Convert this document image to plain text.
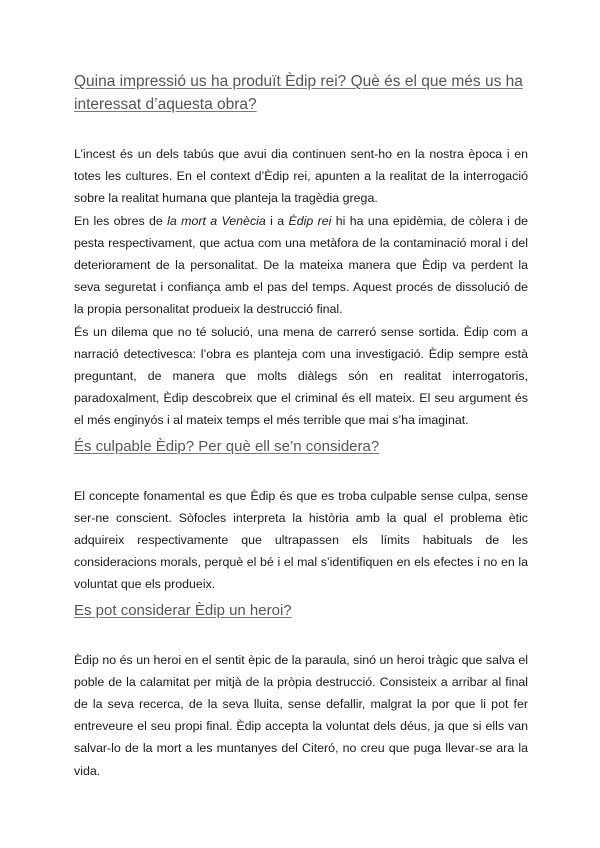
Quina impressió us ha produït Èdip rei? Què és el que més us ha interessat d’aquesta obra?

L’incest és un dels tabús que avui dia continuen sent-ho en la nostra època i en totes les cultures. En el context d’Èdip rei, apunten a la realitat de la interrogació sobre la realitat humana que planteja la tragèdia grega.

En les obres de la mort a Venècia i a Èdip rei hi ha una epidèmia, de còlera i de pesta respectivament, que actua com una metàfora de la contaminació moral i del deteriorament de la personalitat. De la mateixa manera que Èdip va perdent la seva seguretat i confiança amb el pas del temps. Aquest procés de dissolució de la propia personalitat produeix la destrucció final.

És un dilema que no té solució, una mena de carreró sense sortida. Èdip com a narració detectivesca: l’obra es planteja com una investigació. Èdip sempre està preguntant, de manera que molts diàlegs són en realitat interrogatoris, paradoxalment, Èdip descobreix que el criminal és ell mateix. El seu argument és el més enginyós i al mateix temps el més terrible que mai s’ha imaginat.

És culpable Èdip? Per què ell se’n considera?

El concepte fonamental es que Èdip és que es troba culpable sense culpa, sense ser-ne conscient. Sòfocles interpreta la història amb la qual el problema ètic adquireix respectivamente que ultrapassen els límits habituals de les consideracions morals, perquè el bé i el mal s’identifiquen en els efectes i no en la voluntat que els produeix.

Es pot considerar Èdip un heroi?

Èdip no és un heroi en el sentit èpic de la paraula, sinó un heroi tràgic que salva el poble de la calamitat per mitjà de la pròpia destrucció. Consisteix a arribar al final de la seva recerca, de la seva lluita, sense defallir, malgrat la por que li pot fer entreveure el seu propi final. Èdip accepta la voluntat dels déus, ja que si ells van salvar-lo de la mort a les muntanyes del Citeró, no creu que puga llevar-se ara la vida.
